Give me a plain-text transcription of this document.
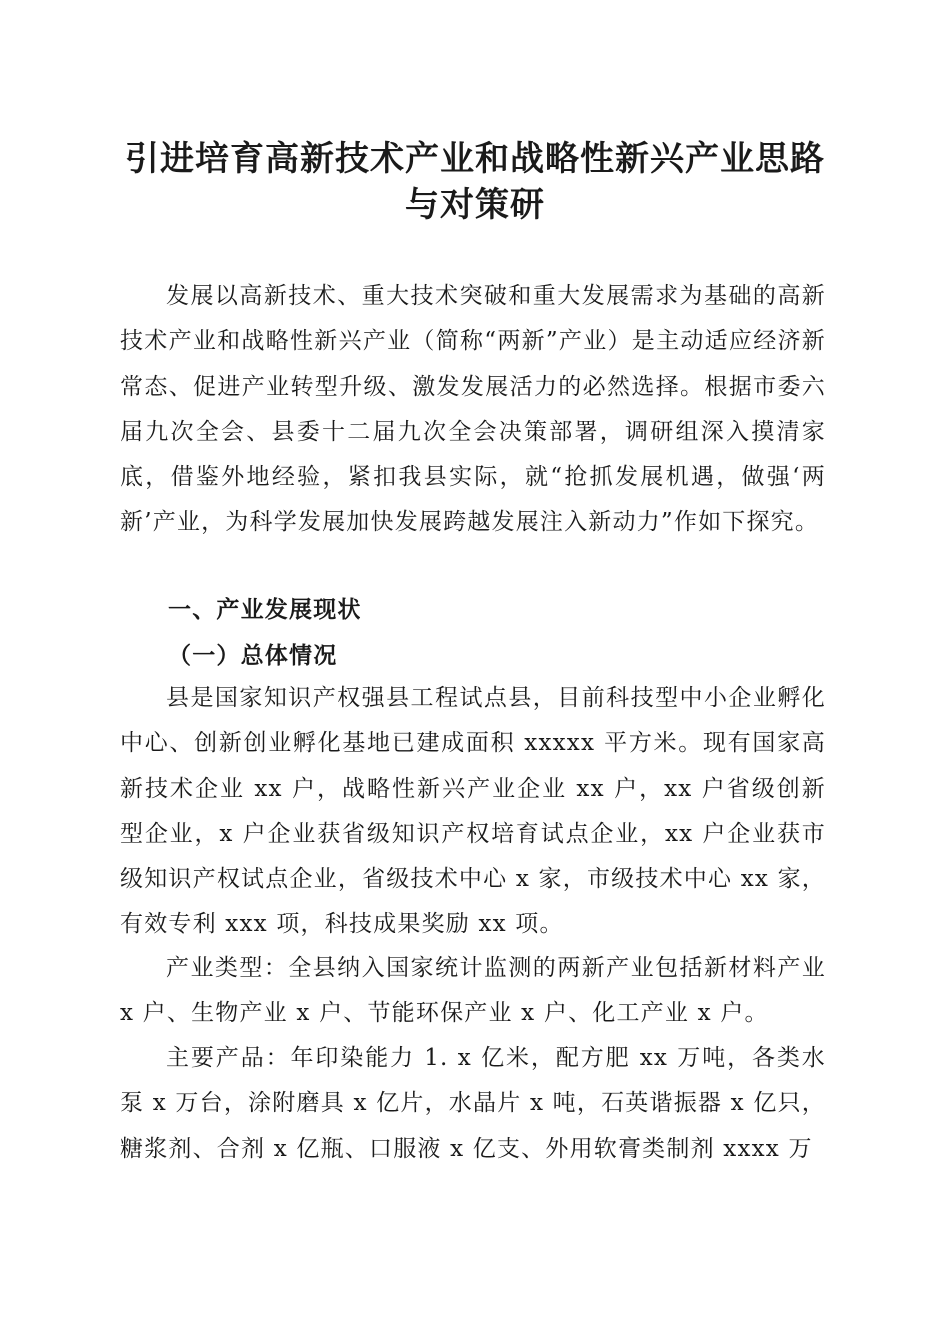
引进培育高新技术产业和战略性新兴产业思路
与对策研

发展以高新技术、重大技术突破和重大发展需求为基础的高新技术产业和战略性新兴产业（简称“两新”产业）是主动适应经济新常态、促进产业转型升级、激发发展活力的必然选择。根据市委六届九次全会、县委十二届九次全会决策部署，调研组深入摸清家底，借鉴外地经验，紧扣我县实际，就“抢抓发展机遇，做强‘两新’产业，为科学发展加快发展跨越发展注入新动力”作如下探究。

一、产业发展现状
（一）总体情况

县是国家知识产权强县工程试点县，目前科技型中小企业孵化中心、创新创业孵化基地已建成面积 xxxxx 平方米。现有国家高新技术企业 xx 户，战略性新兴产业企业 xx 户，xx 户省级创新型企业，x 户企业获省级知识产权培育试点企业，xx 户企业获市级知识产权试点企业，省级技术中心 x 家，市级技术中心 xx 家，有效专利 xxx 项，科技成果奖励 xx 项。

产业类型：全县纳入国家统计监测的两新产业包括新材料产业 x 户、生物产业 x 户、节能环保产业 x 户、化工产业 x 户。

主要产品：年印染能力 1. x 亿米，配方肥 xx 万吨，各类水泵 x 万台，涂附磨具 x 亿片，水晶片 x 吨，石英谐振器 x 亿只，糖浆剂、合剂 x 亿瓶、口服液 x 亿支、外用软膏类制剂 xxxx 万
